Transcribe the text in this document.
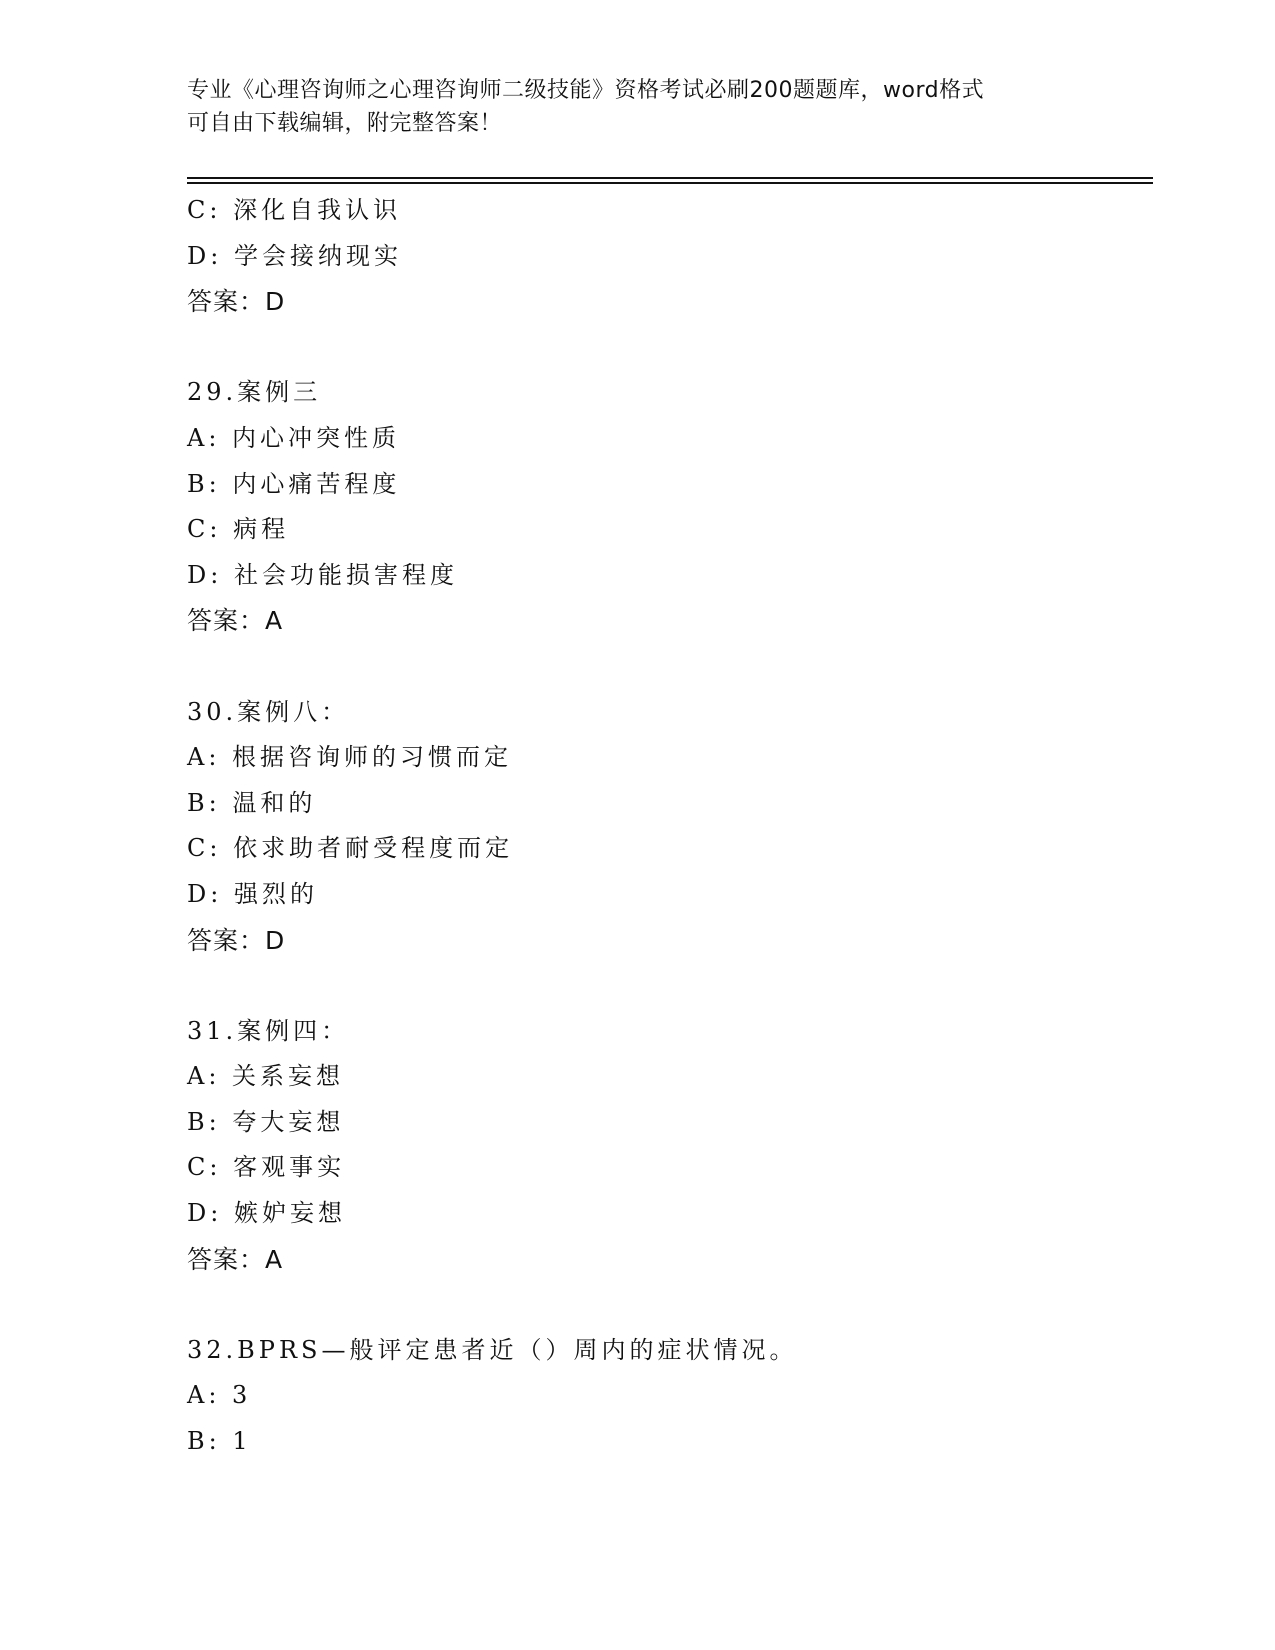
专业《心理咨询师之心理咨询师二级技能》资格考试必刷200题题库，word格式
可自由下载编辑，附完整答案！
C: 深化自我认识
D: 学会接纳现实
答案：D
29.案例三
A: 内心冲突性质
B: 内心痛苦程度
C: 病程
D: 社会功能损害程度
答案：A
30.案例八：
A: 根据咨询师的习惯而定
B: 温和的
C: 依求助者耐受程度而定
D: 强烈的
答案：D
31.案例四：
A: 关系妄想
B: 夸大妄想
C: 客观事实
D: 嫉妒妄想
答案：A
32.BPRS—般评定患者近（）周内的症状情况。
A: 3
B: 1
